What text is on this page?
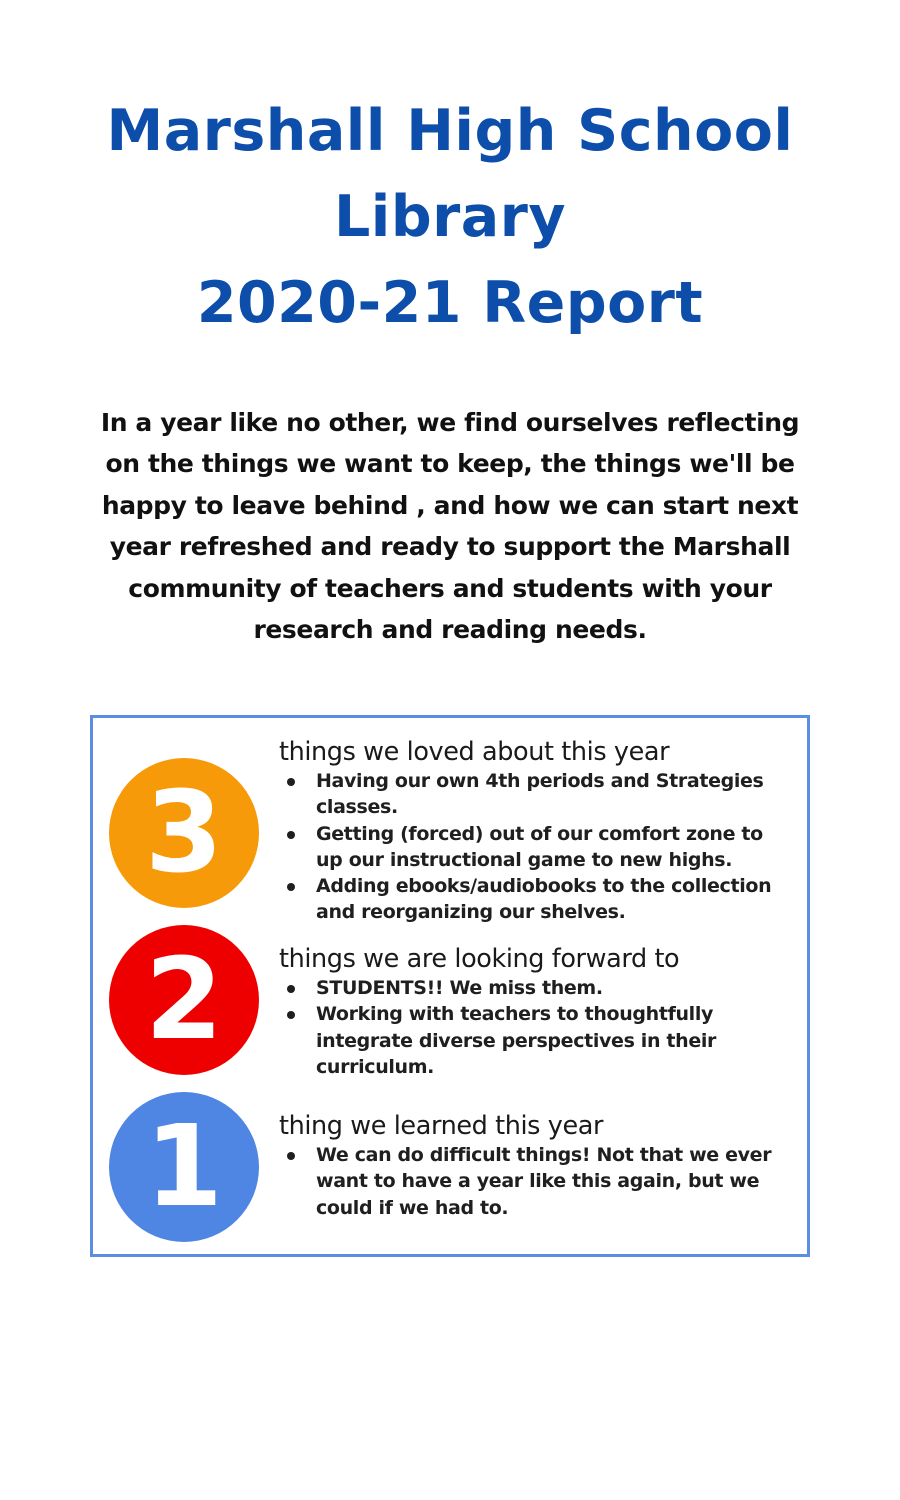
Marshall High School
Library
2020-21 Report
In a year like no other, we find ourselves reflecting on the things we want to keep, the things we'll be happy to leave behind , and how we can start next year refreshed and ready to support the Marshall community of teachers and students with your research and reading needs.
3

things we loved about this year

Having our own 4th periods and Strategies classes.
Getting (forced) out of our comfort zone to up our instructional game to new highs.
Adding ebooks/audiobooks to the collection and reorganizing our shelves.
2	things we are looking forward to

STUDENTS!! We miss them.
Working with teachers to thoughtfully integrate diverse perspectives in their curriculum.
1	thing we learned this year

We can do difficult things! Not that we ever want to have a year like this again, but we could if we had to.
